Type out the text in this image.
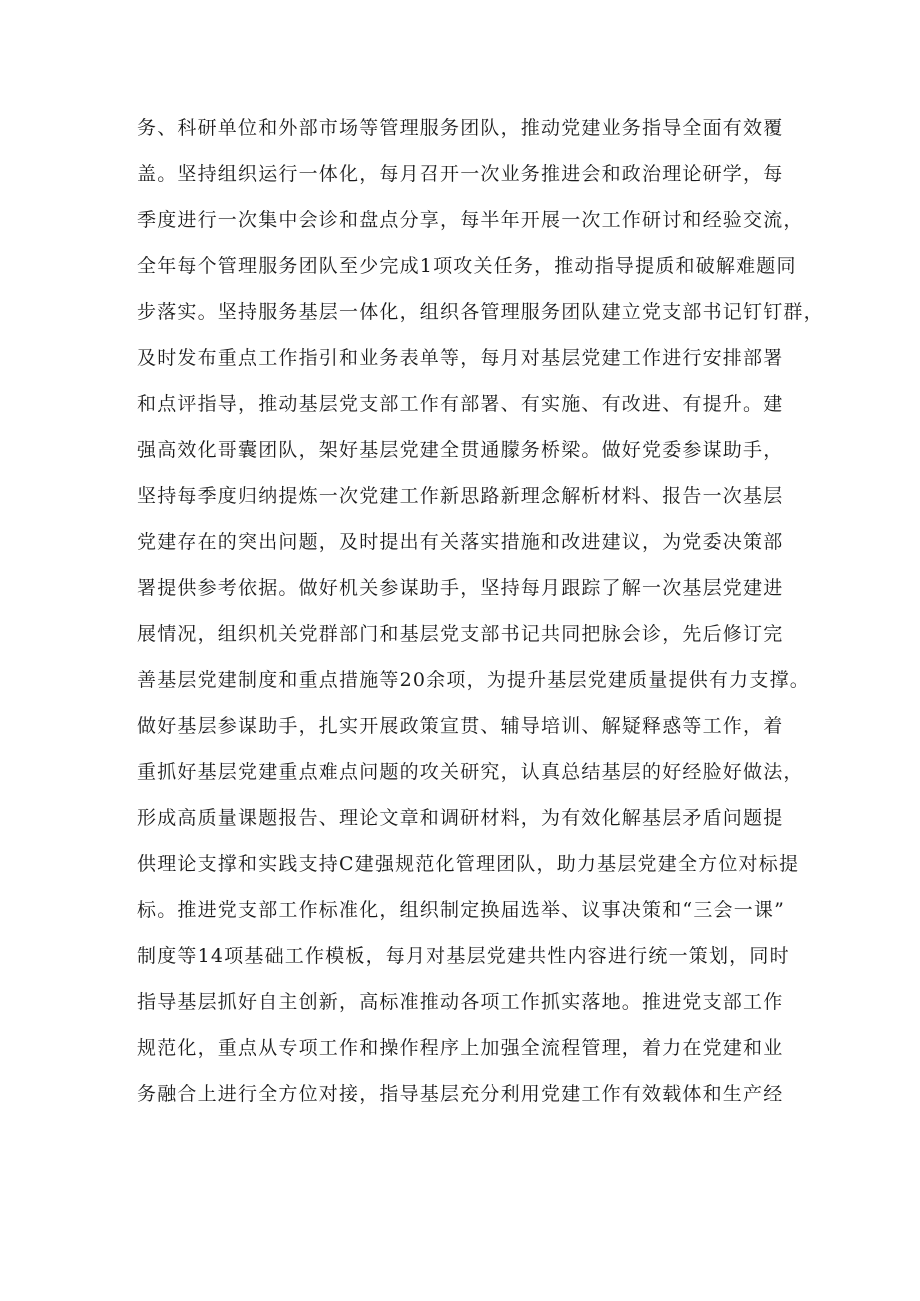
务、科研单位和外部市场等管理服务团队，推动党建业务指导全面有效覆
盖。坚持组织运行一体化，每月召开一次业务推进会和政治理论研学，每
季度进行一次集中会诊和盘点分享，每半年开展一次工作研讨和经验交流，
全年每个管理服务团队至少完成1项攻关任务，推动指导提质和破解难题同
步落实。坚持服务基层一体化，组织各管理服务团队建立党支部书记钉钉群，
及时发布重点工作指引和业务表单等，每月对基层党建工作进行安排部署
和点评指导，推动基层党支部工作有部署、有实施、有改进、有提升。建
强高效化哥囊团队，架好基层党建全贯通朦务桥梁。做好党委参谋助手，
坚持每季度归纳提炼一次党建工作新思路新理念解析材料、报告一次基层
党建存在的突出问题，及时提出有关落实措施和改进建议，为党委决策部
署提供参考依据。做好机关参谋助手，坚持每月跟踪了解一次基层党建进
展情况，组织机关党群部门和基层党支部书记共同把脉会诊，先后修订完
善基层党建制度和重点措施等20余项，为提升基层党建质量提供有力支撑。
做好基层参谋助手，扎实开展政策宣贯、辅导培训、解疑释惑等工作，着
重抓好基层党建重点难点问题的攻关研究，认真总结基层的好经脸好做法，
形成高质量课题报告、理论文章和调研材料，为有效化解基层矛盾问题提
供理论支撑和实践支持C建强规范化管理团队，助力基层党建全方位对标提
标。推进党支部工作标准化，组织制定换届选举、议事决策和“三会一课”
制度等14项基础工作模板，每月对基层党建共性内容进行统一策划，同时
指导基层抓好自主创新，高标准推动各项工作抓实落地。推进党支部工作
规范化，重点从专项工作和操作程序上加强全流程管理，着力在党建和业
务融合上进行全方位对接，指导基层充分利用党建工作有效载体和生产经
